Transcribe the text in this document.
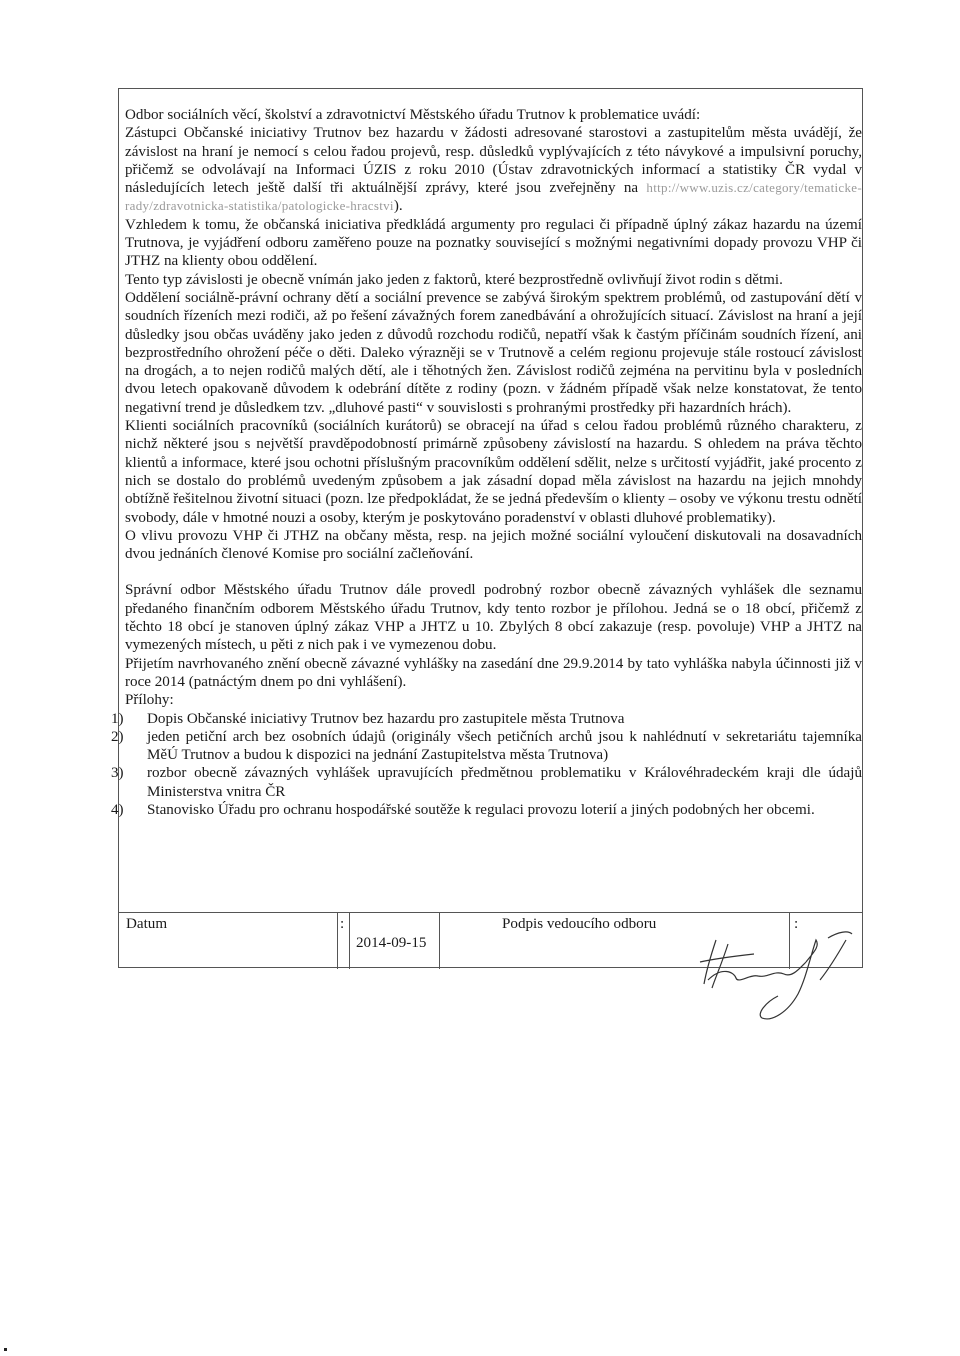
Odbor sociálních věcí, školství a zdravotnictví Městského úřadu Trutnov k problematice uvádí:

Zástupci Občanské iniciativy Trutnov bez hazardu v žádosti adresované starostovi a zastupitelům města uvádějí, že závislost na hraní je nemocí s celou řadou projevů, resp. důsledků vyplývajících z této návykové a impulsivní poruchy, přičemž se odvolávají na Informaci ÚZIS z roku 2010 (Ústav zdravotnických informací a statistiky ČR vydal v následujících letech ještě další tři aktuálnější zprávy, které jsou zveřejněny na http://www.uzis.cz/category/tematicke-rady/zdravotnicka-statistika/patologicke-hracstvi).

Vzhledem k tomu, že občanská iniciativa předkládá argumenty pro regulaci či případně úplný zákaz hazardu na území Trutnova, je vyjádření odboru zaměřeno pouze na poznatky související s možnými negativními dopady provozu VHP či JTHZ na klienty obou oddělení.

Tento typ závislosti je obecně vnímán jako jeden z faktorů, které bezprostředně ovlivňují život rodin s dětmi.

Oddělení sociálně-právní ochrany dětí a sociální prevence se zabývá širokým spektrem problémů, od zastupování dětí v soudních řízeních mezi rodiči, až po řešení závažných forem zanedbávání a ohrožujících situací. Závislost na hraní a její důsledky jsou občas uváděny jako jeden z důvodů rozchodu rodičů, nepatří však k častým příčinám soudních řízení, ani bezprostředního ohrožení péče o děti. Daleko výrazněji se v Trutnově a celém regionu projevuje stále rostoucí závislost na drogách, a to nejen rodičů malých dětí, ale i těhotných žen. Závislost rodičů zejména na pervitinu byla v posledních dvou letech opakovaně důvodem k odebrání dítěte z rodiny (pozn. v žádném případě však nelze konstatovat, že tento negativní trend je důsledkem tzv. „dluhové pasti“ v souvislosti s prohranými prostředky při hazardních hrách).

Klienti sociálních pracovníků (sociálních kurátorů) se obracejí na úřad s celou řadou problémů různého charakteru, z nichž některé jsou s největší pravděpodobností primárně způsobeny závislostí na hazardu. S ohledem na práva těchto klientů a informace, které jsou ochotni příslušným pracovníkům oddělení sdělit, nelze s určitostí vyjádřit, jaké procento z nich se dostalo do problémů uvedeným způsobem a jak zásadní dopad měla závislost na hazardu na jejich mnohdy obtížně řešitelnou životní situaci (pozn. lze předpokládat, že se jedná především o klienty – osoby ve výkonu trestu odnětí svobody, dále v hmotné nouzi a osoby, kterým je poskytováno poradenství v oblasti dluhové problematiky).

O vlivu provozu VHP či JTHZ na občany města, resp. na jejich možné sociální vyloučení diskutovali na dosavadních dvou jednáních členové Komise pro sociální začleňování.

Správní odbor Městského úřadu Trutnov dále provedl podrobný rozbor obecně závazných vyhlášek dle seznamu předaného finančním odborem Městského úřadu Trutnov, kdy tento rozbor je přílohou. Jedná se o 18 obcí, přičemž z těchto 18 obcí je stanoven úplný zákaz VHP a JHTZ u 10. Zbylých 8 obcí zakazuje (resp. povoluje) VHP a JHTZ na vymezených místech, u pěti z nich pak i ve vymezenou dobu.

Přijetím navrhovaného znění obecně závazné vyhlášky na zasedání dne 29.9.2014 by tato vyhláška nabyla účinnosti již v roce 2014 (patnáctým dnem po dni vyhlášení).

Přílohy:

1) Dopis Občanské iniciativy Trutnov bez hazardu pro zastupitele města Trutnova
2) jeden petiční arch bez osobních údajů (originály všech petičních archů jsou k nahlédnutí v sekretariátu tajemníka MěÚ Trutnov a budou k dispozici na jednání Zastupitelstva města Trutnova)
3) rozbor obecně závazných vyhlášek upravujících předmětnou problematiku v Královéhradeckém kraji dle údajů Ministerstva vnitra ČR
4) Stanovisko Úřadu pro ochranu hospodářské soutěže k regulaci provozu loterií a jiných podobných her obcemi.
Datum	:
2014-09-15
Podpis vedoucího odboru	:
